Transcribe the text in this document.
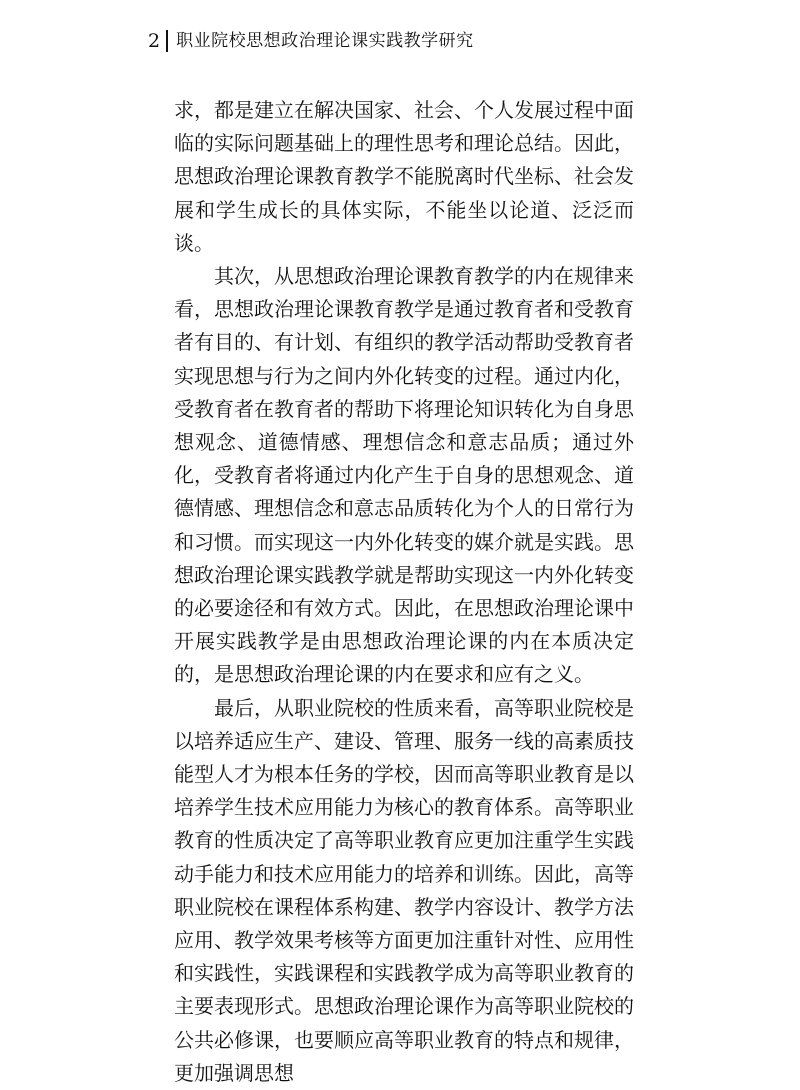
2 职业院校思想政治理论课实践教学研究

求，都是建立在解决国家、社会、个人发展过程中面临的实际问题基础上的理性思考和理论总结。因此，思想政治理论课教育教学不能脱离时代坐标、社会发展和学生成长的具体实际，不能坐以论道、泛泛而谈。

其次，从思想政治理论课教育教学的内在规律来看，思想政治理论课教育教学是通过教育者和受教育者有目的、有计划、有组织的教学活动帮助受教育者实现思想与行为之间内外化转变的过程。通过内化，受教育者在教育者的帮助下将理论知识转化为自身思想观念、道德情感、理想信念和意志品质；通过外化，受教育者将通过内化产生于自身的思想观念、道德情感、理想信念和意志品质转化为个人的日常行为和习惯。而实现这一内外化转变的媒介就是实践。思想政治理论课实践教学就是帮助实现这一内外化转变的必要途径和有效方式。因此，在思想政治理论课中开展实践教学是由思想政治理论课的内在本质决定的，是思想政治理论课的内在要求和应有之义。

最后，从职业院校的性质来看，高等职业院校是以培养适应生产、建设、管理、服务一线的高素质技能型人才为根本任务的学校，因而高等职业教育是以培养学生技术应用能力为核心的教育体系。高等职业教育的性质决定了高等职业教育应更加注重学生实践动手能力和技术应用能力的培养和训练。因此，高等职业院校在课程体系构建、教学内容设计、教学方法应用、教学效果考核等方面更加注重针对性、应用性和实践性，实践课程和实践教学成为高等职业教育的主要表现形式。思想政治理论课作为高等职业院校的公共必修课，也要顺应高等职业教育的特点和规律，更加强调思想
